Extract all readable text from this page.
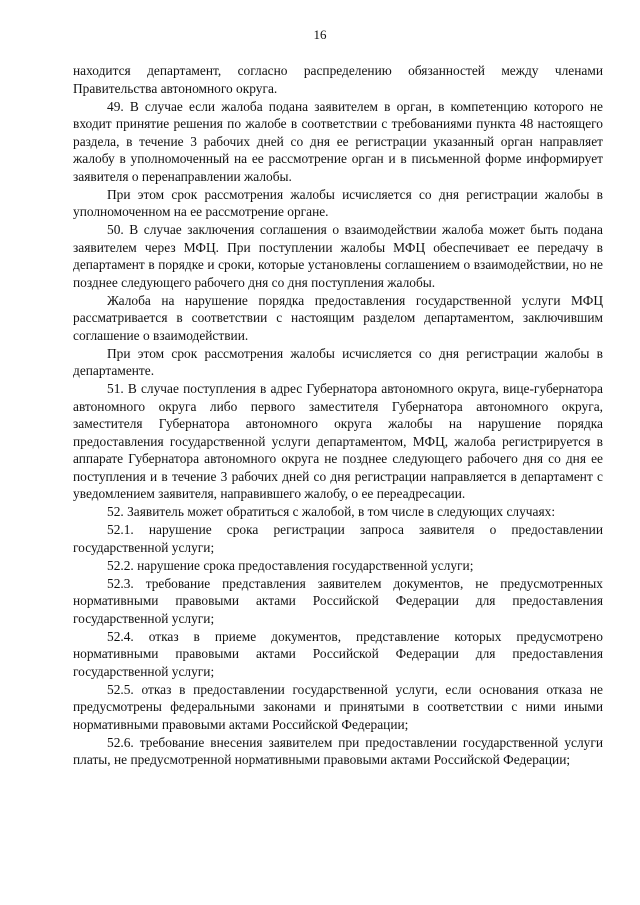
16

находится департамент, согласно распределению обязанностей между членами Правительства автономного округа.

49. В случае если жалоба подана заявителем в орган, в компетенцию которого не входит принятие решения по жалобе в соответствии с требованиями пункта 48 настоящего раздела, в течение 3 рабочих дней со дня ее регистрации указанный орган направляет жалобу в уполномоченный на ее рассмотрение орган и в письменной форме информирует заявителя о перенаправлении жалобы.

При этом срок рассмотрения жалобы исчисляется со дня регистрации жалобы в уполномоченном на ее рассмотрение органе.

50. В случае заключения соглашения о взаимодействии жалоба может быть подана заявителем через МФЦ. При поступлении жалобы МФЦ обеспечивает ее передачу в департамент в порядке и сроки, которые установлены соглашением о взаимодействии, но не позднее следующего рабочего дня со дня поступления жалобы.

Жалоба на нарушение порядка предоставления государственной услуги МФЦ рассматривается в соответствии с настоящим разделом департаментом, заключившим соглашение о взаимодействии.

При этом срок рассмотрения жалобы исчисляется со дня регистрации жалобы в департаменте.

51. В случае поступления в адрес Губернатора автономного округа, вице-губернатора автономного округа либо первого заместителя Губернатора автономного округа, заместителя Губернатора автономного округа жалобы на нарушение порядка предоставления государственной услуги департаментом, МФЦ, жалоба регистрируется в аппарате Губернатора автономного округа не позднее следующего рабочего дня со дня ее поступления и в течение 3 рабочих дней со дня регистрации направляется в департамент с уведомлением заявителя, направившего жалобу, о ее переадресации.

52. Заявитель может обратиться с жалобой, в том числе в следующих случаях:

52.1. нарушение срока регистрации запроса заявителя о предоставлении государственной услуги;

52.2. нарушение срока предоставления государственной услуги;

52.3. требование представления заявителем документов, не предусмотренных нормативными правовыми актами Российской Федерации для предоставления государственной услуги;

52.4. отказ в приеме документов, представление которых предусмотрено нормативными правовыми актами Российской Федерации для предоставления государственной услуги;

52.5. отказ в предоставлении государственной услуги, если основания отказа не предусмотрены федеральными законами и принятыми в соответствии с ними иными нормативными правовыми актами Российской Федерации;

52.6. требование внесения заявителем при предоставлении государственной услуги платы, не предусмотренной нормативными правовыми актами Российской Федерации;
